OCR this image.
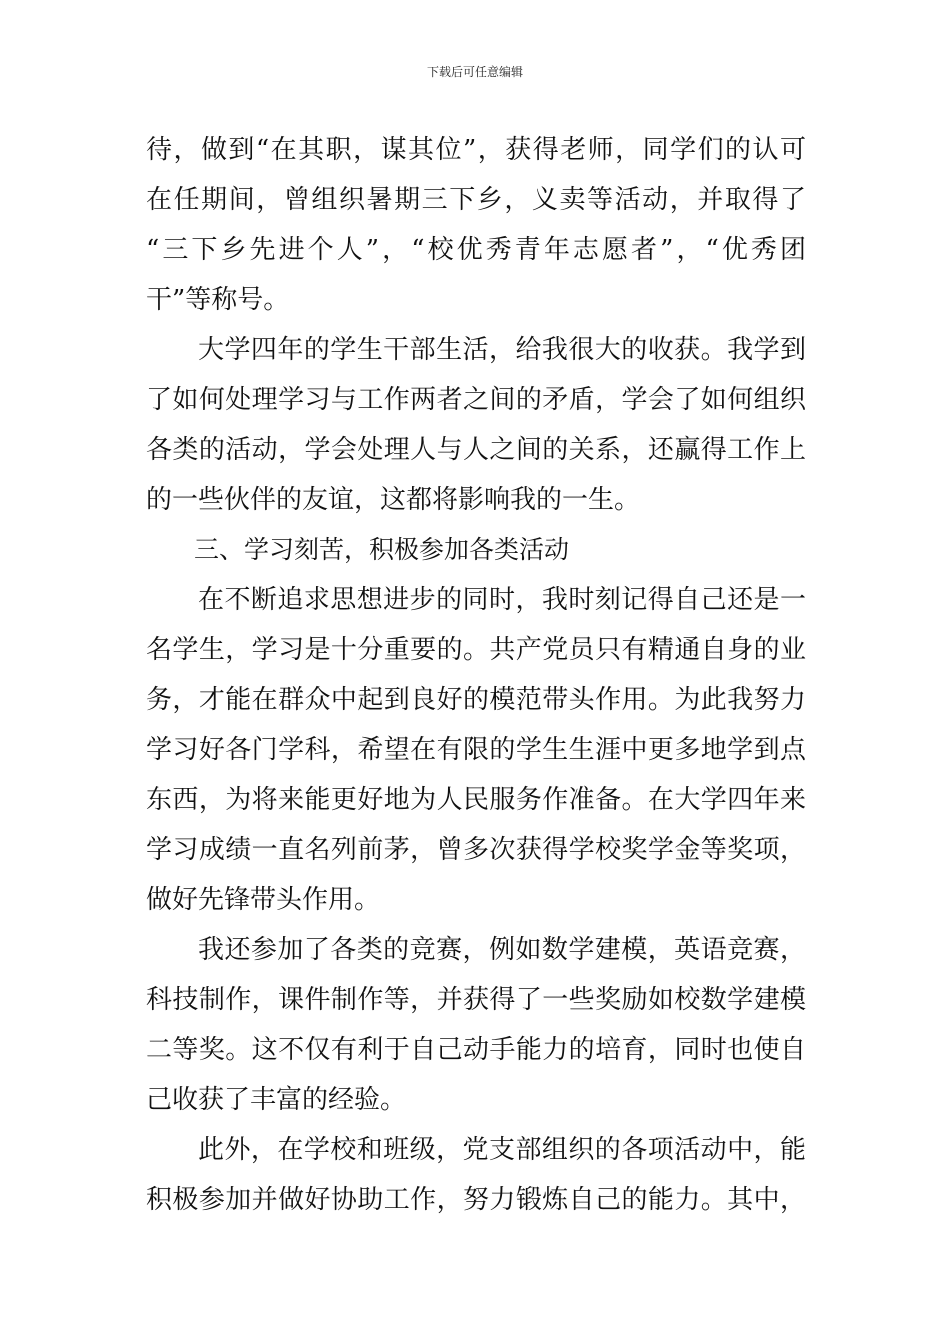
下载后可任意编辑
待，做到“在其职，谋其位”，获得老师，同学们的认可
在任期间，曾组织暑期三下乡，义卖等活动，并取得了
“三下乡先进个人”，“校优秀青年志愿者”，“优秀团
干”等称号。
大学四年的学生干部生活，给我很大的收获。我学到
了如何处理学习与工作两者之间的矛盾，学会了如何组织
各类的活动，学会处理人与人之间的关系，还赢得工作上
的一些伙伴的友谊，这都将影响我的一生。
三、学习刻苦，积极参加各类活动
在不断追求思想进步的同时，我时刻记得自己还是一
名学生，学习是十分重要的。共产党员只有精通自身的业
务，才能在群众中起到良好的模范带头作用。为此我努力
学习好各门学科，希望在有限的学生生涯中更多地学到点
东西，为将来能更好地为人民服务作准备。在大学四年来
学习成绩一直名列前茅，曾多次获得学校奖学金等奖项，
做好先锋带头作用。
我还参加了各类的竞赛，例如数学建模，英语竞赛，
科技制作，课件制作等，并获得了一些奖励如校数学建模
二等奖。这不仅有利于自己动手能力的培育，同时也使自
己收获了丰富的经验。
此外，在学校和班级，党支部组织的各项活动中，能
积极参加并做好协助工作，努力锻炼自己的能力。其中，
